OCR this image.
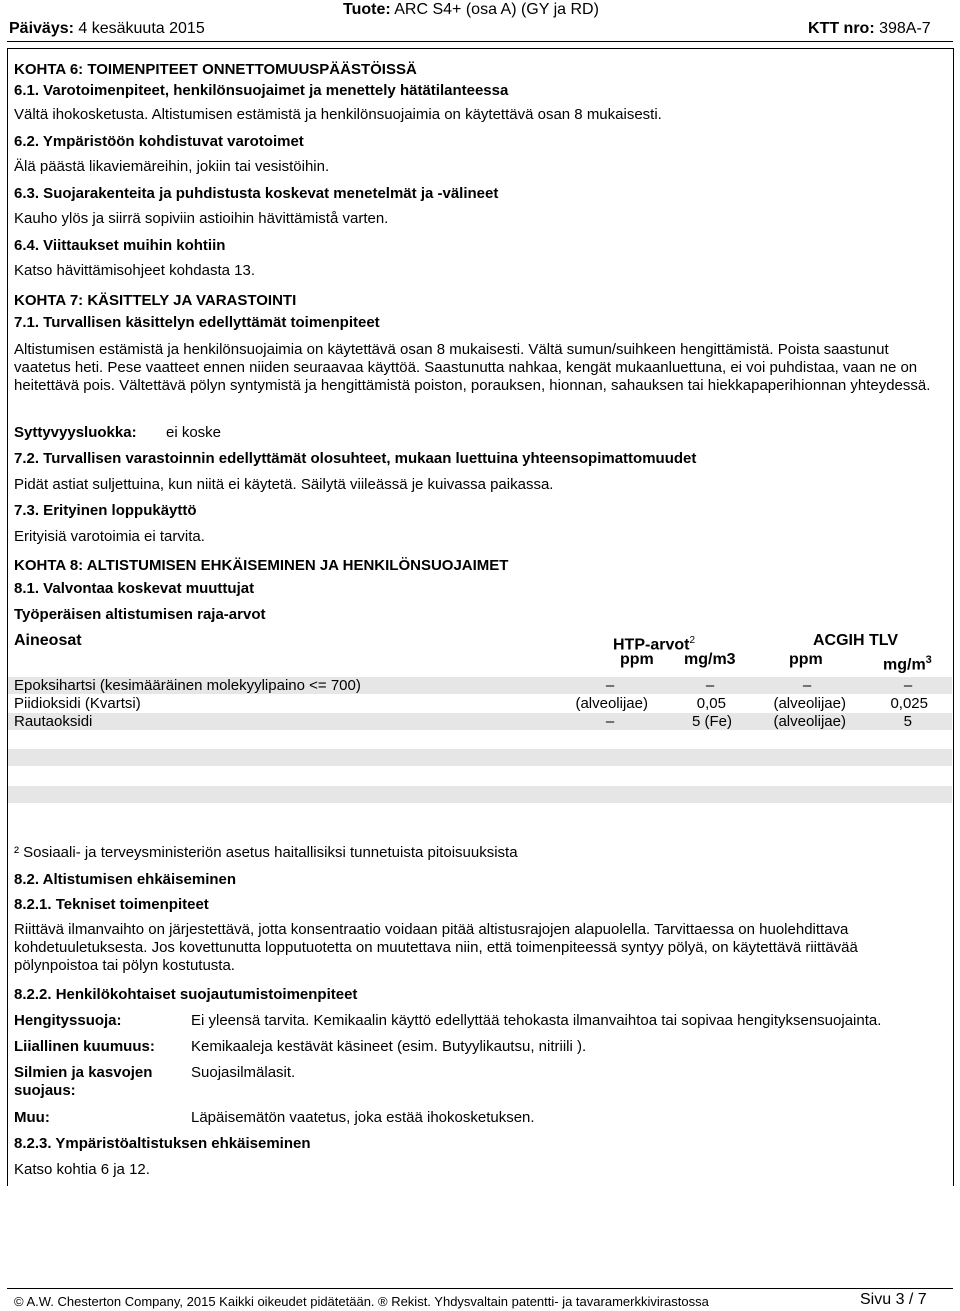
Päiväys: 4 kesäkuuta 2015
Tuote: ARC S4+ (osa A) (GY ja RD)
KTT nro: 398A-7
KOHTA 6: TOIMENPITEET ONNETTOMUUSPÄÄSTÖISSÄ
6.1. Varotoimenpiteet, henkilönsuojaimet ja menettely hätätilanteessa
Vältä ihokosketusta. Altistumisen estämistä ja henkilönsuojaimia on käytettävä osan 8 mukaisesti.
6.2. Ympäristöön kohdistuvat varotoimet
Älä päästä likaviemäreihin, jokiin tai vesistöihin.
6.3. Suojarakenteita ja puhdistusta koskevat menetelmät ja -välineet
Kauho ylös ja siirrä sopiviin astioihin hävittämistå varten.
6.4. Viittaukset muihin kohtiin
Katso hävittämisohjeet kohdasta 13.
KOHTA 7: KÄSITTELY JA VARASTOINTI
7.1. Turvallisen käsittelyn edellyttämät toimenpiteet
Altistumisen estämistä ja henkilönsuojaimia on käytettävä osan 8 mukaisesti. Vältä sumun/suihkeen hengittämistä. Poista saastunut vaatetus heti. Pese vaatteet ennen niiden seuraavaa käyttöä. Saastunutta nahkaa, kengät mukaanluettuna, ei voi puhdistaa, vaan ne on heitettävä pois. Vältettävä pölyn syntymistä ja hengittämistä poiston, porauksen, hionnan, sahauksen tai hiekkapaperihionnan yhteydessä.
Syttyvyysluokka: ei koske
7.2. Turvallisen varastoinnin edellyttämät olosuhteet, mukaan luettuina yhteensopimattomuudet
Pidät astiat suljettuina, kun niitä ei käytetä. Säilytä viileässä je kuivassa paikassa.
7.3. Erityinen loppukäyttö
Erityisiä varotoimia ei tarvita.
KOHTA 8: ALTISTUMISEN EHKÄISEMINEN JA HENKILÖNSUOJAIMET
8.1. Valvontaa koskevat muuttujat
Työperäisen altistumisen raja-arvot
Aineosat	HTP-arvot$^2$	ACGIH TLV
ppm mg/m3	ppm	$mg/m^3$
Epoksihartsi (kesimääräinen molekyylipaino <= 700)	–	–	–	–
Piidioksidi (Kvartsi)	(alveolijae)	0,05	(alveolijae)	0,025
Rautaoksidi	–	5 (Fe)	(alveolijae)	5
² Sosiaali- ja terveysministeriön asetus haitallisiksi tunnetuista pitoisuuksista
8.2. Altistumisen ehkäiseminen
8.2.1. Tekniset toimenpiteet
Riittävä ilmanvaihto on järjestettävä, jotta konsentraatio voidaan pitää altistusrajojen alapuolella. Tarvittaessa on huolehdittava kohdetuuletuksesta. Jos kovettunutta lopputuotetta on muutettava niin, että toimenpiteessä syntyy pölyä, on käytettävä riittävää pölynpoistoa tai pölyn kostutusta.
8.2.2. Henkilökohtaiset suojautumistoimenpiteet
Hengityssuoja:	Ei yleensä tarvita. Kemikaalin käyttö edellyttää tehokasta ilmanvaihtoa tai sopivaa hengityksensuojainta.
Liiallinen kuumuus: Kemikaaleja kestävät käsineet (esim. Butyylikautsu, nitriili ).
Silmien ja kasvojen suojaus:
Suojasilmälasit.
Muu:	Läpäisemätön vaatetus, joka estää ihokosketuksen.
8.2.3. Ympäristöaltistuksen ehkäiseminen
Katso kohtia 6 ja 12.
© A.W. Chesterton Company, 2015 Kaikki oikeudet pidätetään. ® Rekist. Yhdysvaltain patentti- ja tavaramerkkivirastossa	Sivu 3 / 7
